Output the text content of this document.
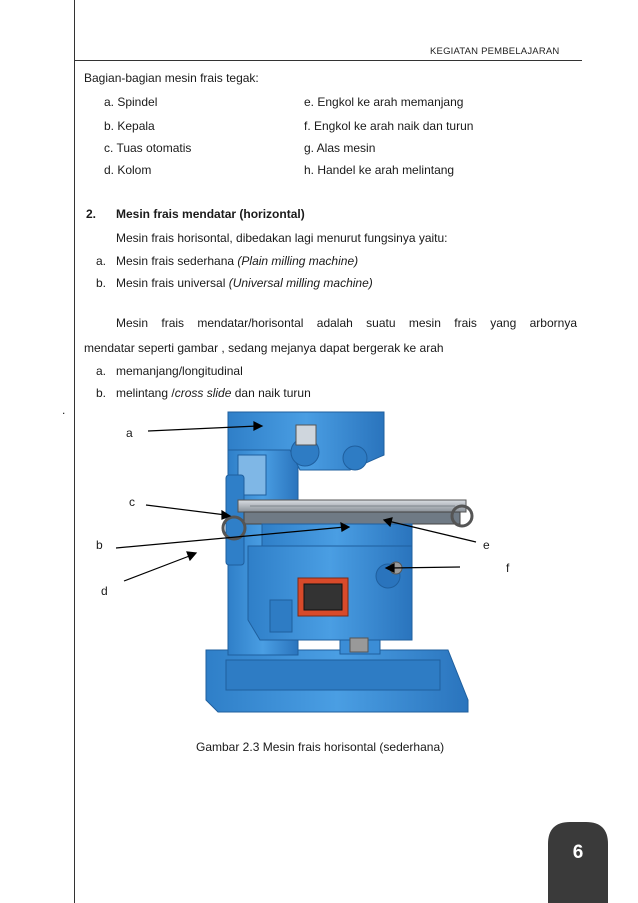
KEGIATAN PEMBELAJARAN
Bagian-bagian mesin frais tegak:
a. Spindel
b. Kepala
c. Tuas otomatis
d. Kolom
e. Engkol ke arah memanjang
f. Engkol ke arah naik dan turun
g. Alas mesin
h. Handel ke arah melintang
2. Mesin frais mendatar (horizontal)
Mesin frais horisontal, dibedakan lagi menurut fungsinya yaitu:
a. Mesin frais sederhana (Plain milling machine)
b. Mesin frais universal (Universal milling machine)
Mesin frais mendatar/horisontal adalah suatu mesin frais yang arbornya
mendatar seperti gambar , sedang mejanya dapat bergerak ke arah
a. memanjang/longitudinal
b. melintang /cross slide dan naik turun
.
a
c
b	e
f
d
Gambar 2.3 Mesin frais horisontal (sederhana)
6
